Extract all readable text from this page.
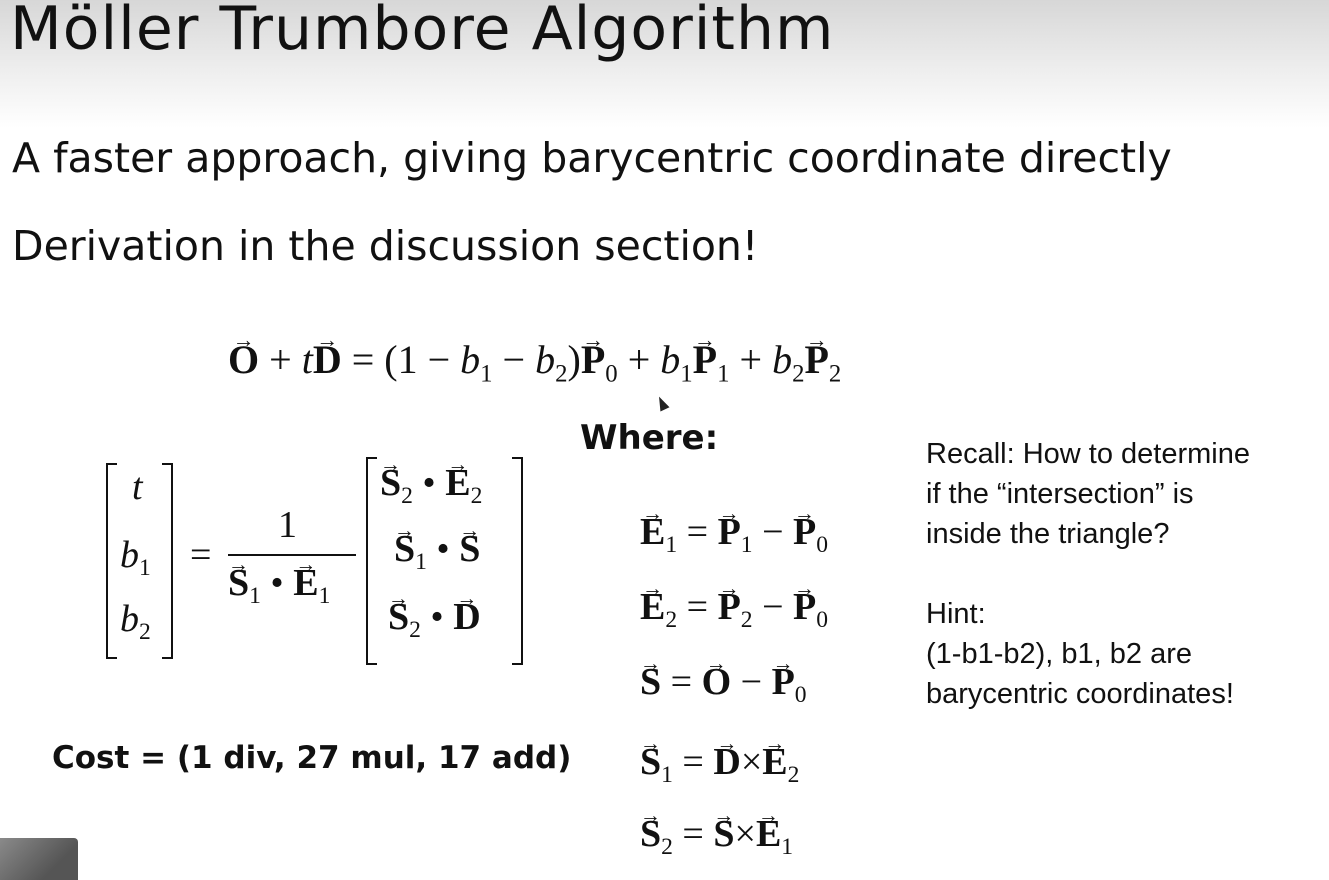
Möller Trumbore Algorithm

A faster approach, giving barycentric coordinate directly

Derivation in the discussion section!

→ $O + t\to D = (1 - b_1 - b_2)\to P_0 + b_1\to P_1 + b_2\to P_2$
t
$b_1$
$b_2$
=
1
→ $S_1$ • → $E_1$
→ $S_2$ • → $E_2$
→ $S_1$ • → S
→ $S_2$ • → D
Where:
→ $E_1$ = → $P_1$ − → $P_0$
→ $E_2$ = → $P_2$ − → $P_0$
→ S = → O − → $P_0$
→ $S_1$ = → $D\times\to E_2$
→ $S_2$ = → $S\times\to E_1$
Cost = (1 div, 27 mul, 17 add)
Recall: How to determine
if the “intersection” is
inside the triangle?
Hint:
(1-b1-b2), b1, b2 are
barycentric coordinates!
